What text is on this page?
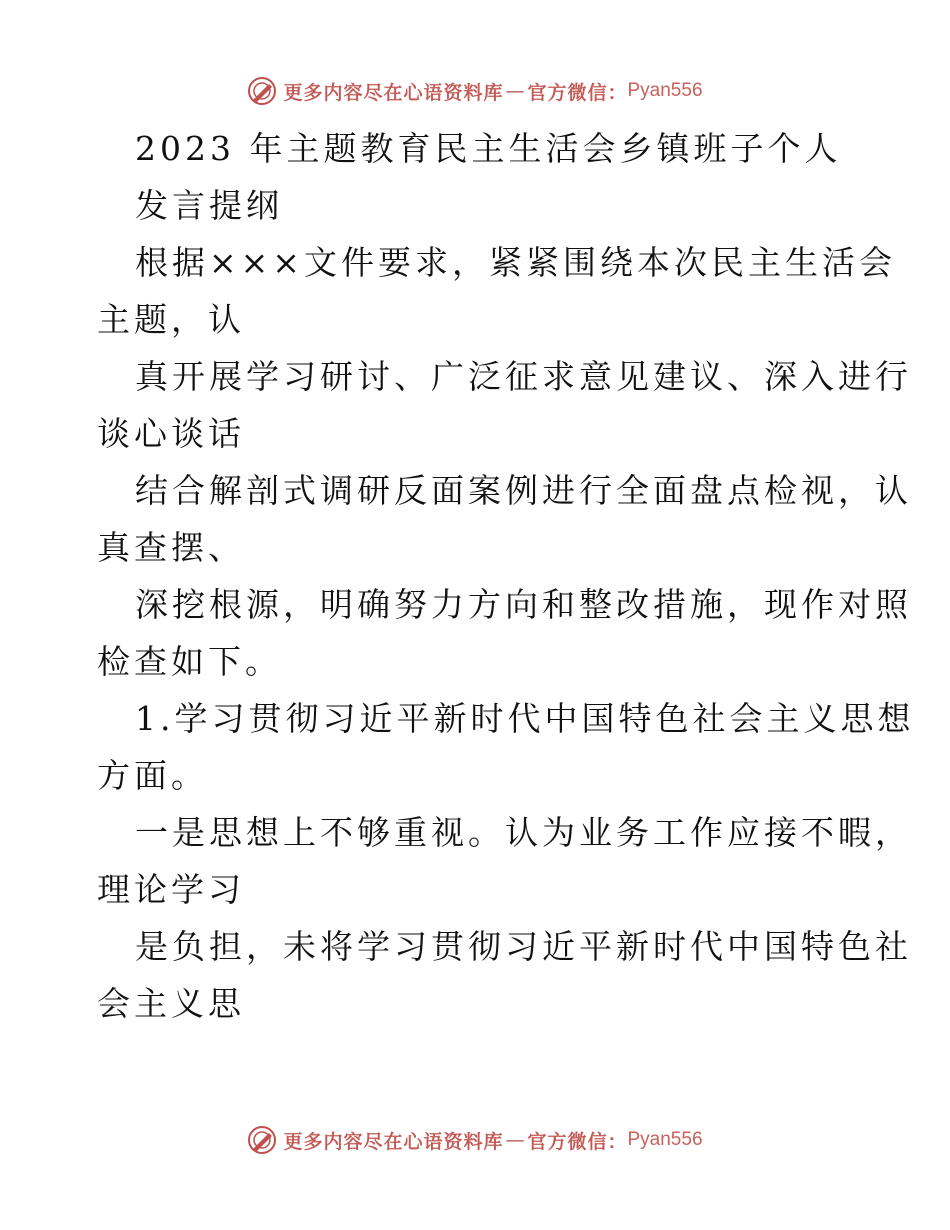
更多内容尽在心语资料库 — 官方微信： Pyan556
2023 年主题教育民主生活会乡镇班子个人
发言提纲
根据×××文件要求，紧紧围绕本次民主生活会
主题，认
真开展学习研讨、广泛征求意见建议、深入进行
谈心谈话
结合解剖式调研反面案例进行全面盘点检视，认
真查摆、
深挖根源，明确努力方向和整改措施，现作对照
检查如下。
1.学习贯彻习近平新时代中国特色社会主义思想
方面。
一是思想上不够重视。认为业务工作应接不暇，
理论学习
是负担，未将学习贯彻习近平新时代中国特色社
会主义思
更多内容尽在心语资料库 — 官方微信： Pyan556
